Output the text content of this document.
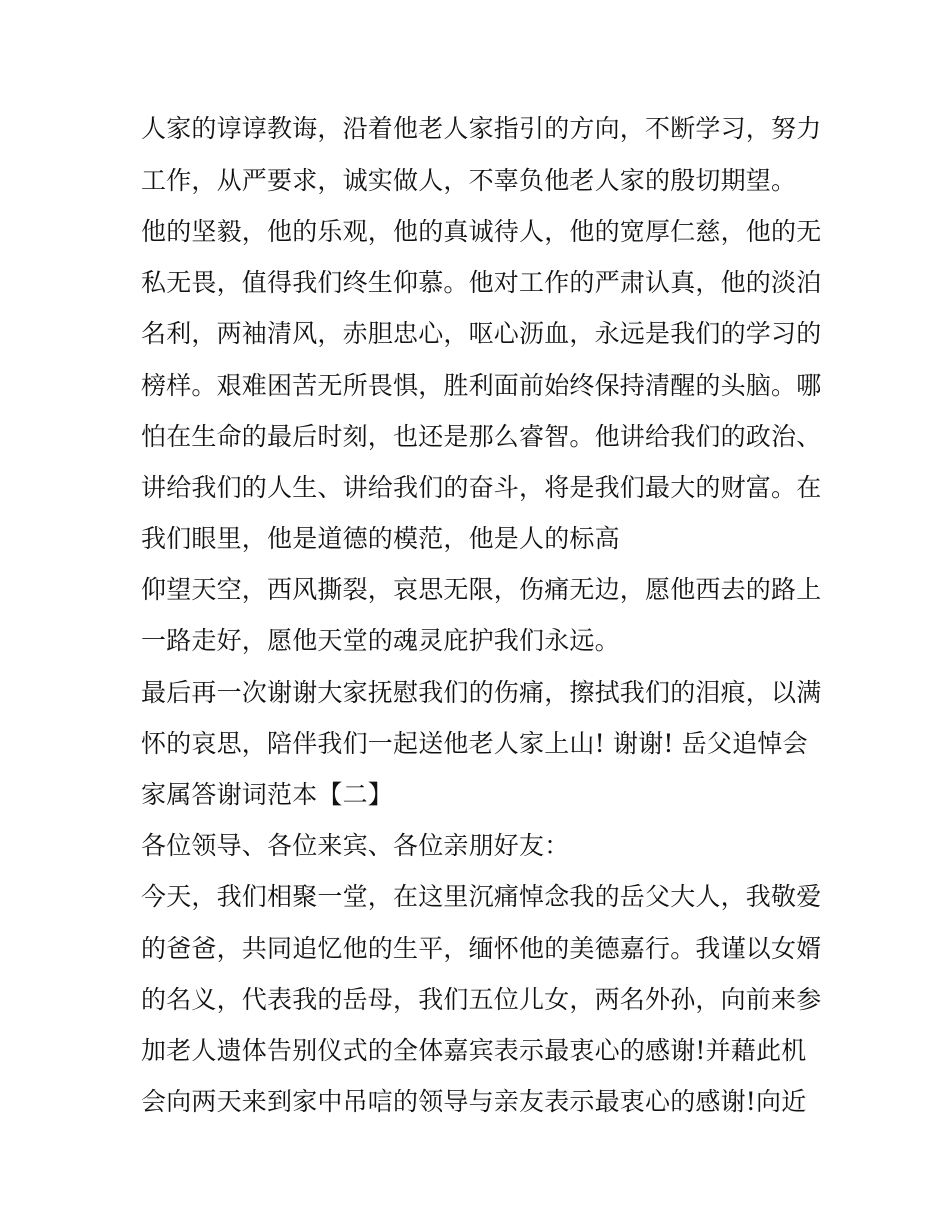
人家的谆谆教诲，沿着他老人家指引的方向，不断学习，努力
工作，从严要求，诚实做人，不辜负他老人家的殷切期望。
他的坚毅，他的乐观，他的真诚待人，他的宽厚仁慈，他的无
私无畏，值得我们终生仰慕。他对工作的严肃认真，他的淡泊
名利，两袖清风，赤胆忠心，呕心沥血，永远是我们的学习的
榜样。艰难困苦无所畏惧，胜利面前始终保持清醒的头脑。哪
怕在生命的最后时刻，也还是那么睿智。他讲给我们的政治、
讲给我们的人生、讲给我们的奋斗，将是我们最大的财富。在
我们眼里，他是道德的模范，他是人的标高
仰望天空，西风撕裂，哀思无限，伤痛无边，愿他西去的路上
一路走好，愿他天堂的魂灵庇护我们永远。
最后再一次谢谢大家抚慰我们的伤痛，擦拭我们的泪痕，以满
怀的哀思，陪伴我们一起送他老人家上山! 谢谢! 岳父追悼会
家属答谢词范本【二】
各位领导、各位来宾、各位亲朋好友：
今天，我们相聚一堂，在这里沉痛悼念我的岳父大人，我敬爱
的爸爸，共同追忆他的生平，缅怀他的美德嘉行。我谨以女婿
的名义，代表我的岳母，我们五位儿女，两名外孙，向前来参
加老人遗体告别仪式的全体嘉宾表示最衷心的感谢!并藉此机
会向两天来到家中吊唁的领导与亲友表示最衷心的感谢!向近
